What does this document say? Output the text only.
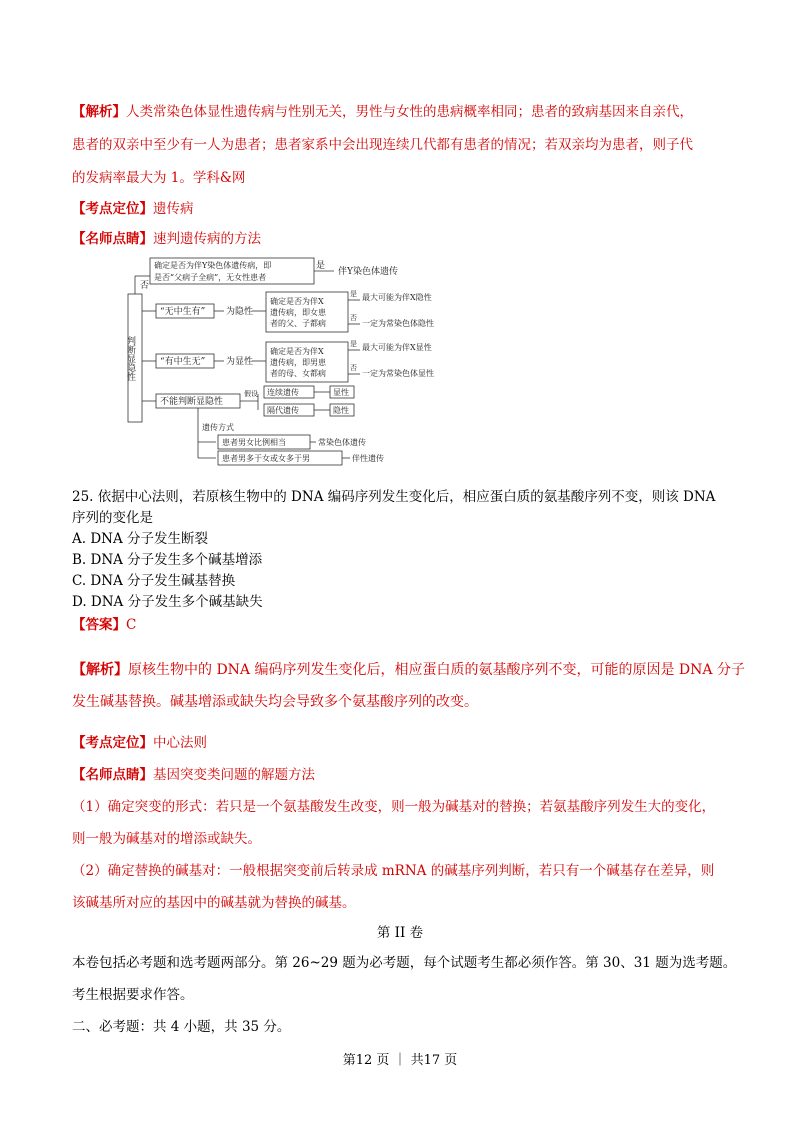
【解析】人类常染色体显性遗传病与性别无关，男性与女性的患病概率相同；患者的致病基因来自亲代，
患者的双亲中至少有一人为患者；患者家系中会出现连续几代都有患者的情况；若双亲均为患者，则子代
的发病率最大为 1。学科&网
【考点定位】遗传病
【名师点睛】速判遗传病的方法
判断显隐性
确定是否为伴Y染色体遗传病，即
是否“父病子全病”，无女性患者
是
伴Y染色体遗传
否
“无中生有” 为隐性
确定是否为伴X
遗传病，即女患
者的父、子都病
是 最大可能为伴X隐性
否
一定为常染色体隐性
“有中生无” 为显性
确定是否为伴X
遗传病，即男患
者的母、女都病
是 最大可能为伴X显性
否
一定为常染色体显性
不能判断显隐性
假设 连续遗传
隔代遗传
显性
隐性
遗传方式
患者男女比例相当	常染色体遗传
患者男多于女或女多于男	伴性遗传
25. 依据中心法则，若原核生物中的 DNA 编码序列发生变化后，相应蛋白质的氨基酸序列不变，则该 DNA
序列的变化是
A. DNA 分子发生断裂
B. DNA 分子发生多个碱基增添
C. DNA 分子发生碱基替换
D. DNA 分子发生多个碱基缺失
【答案】C
【解析】原核生物中的 DNA 编码序列发生变化后，相应蛋白质的氨基酸序列不变，可能的原因是 DNA 分子
发生碱基替换。碱基增添或缺失均会导致多个氨基酸序列的改变。
【考点定位】中心法则
【名师点睛】基因突变类问题的解题方法
（1）确定突变的形式：若只是一个氨基酸发生改变，则一般为碱基对的替换；若氨基酸序列发生大的变化，
则一般为碱基对的增添或缺失。
（2）确定替换的碱基对：一般根据突变前后转录成 mRNA 的碱基序列判断，若只有一个碱基存在差异，则
该碱基所对应的基因中的碱基就为替换的碱基。
第 II 卷
本卷包括必考题和选考题两部分。第 26~29 题为必考题，每个试题考生都必须作答。第 30、31 题为选考题。
考生根据要求作答。
二、必考题：共 4 小题，共 35 分。
第12 页 ｜ 共17 页
